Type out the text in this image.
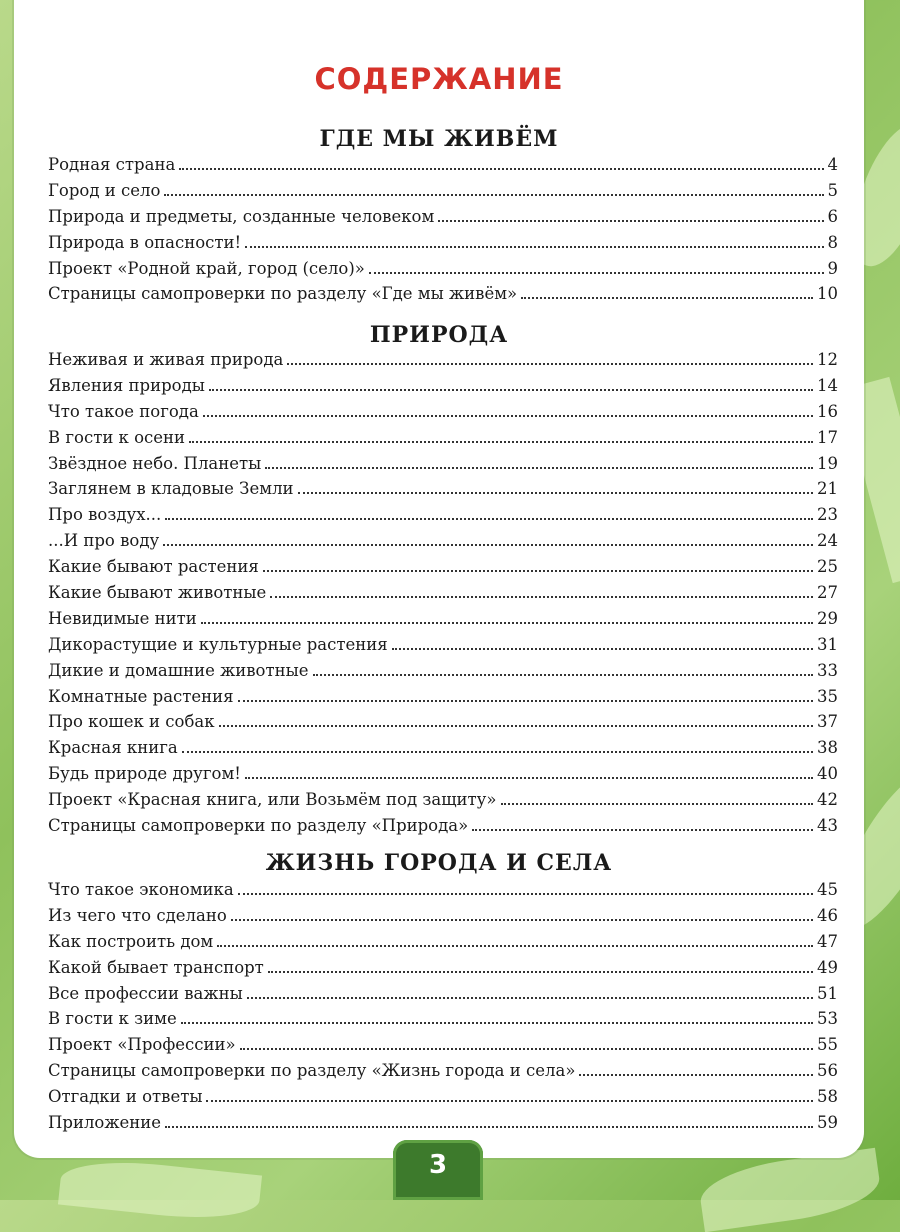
СОДЕРЖАНИЕ
ГДЕ МЫ ЖИВЁМ
Родная страна	4
Город и село	5
Природа и предметы, созданные человеком	6
Природа в опасности!	8
Проект «Родной край, город (село)»	9
Страницы самопроверки по разделу «Где мы живём»	10
ПРИРОДА
Неживая и живая природа	12
Явления природы	14
Что такое погода	16
В гости к осени	17
Звёздное небо. Планеты	19
Заглянем в кладовые Земли	21
Про воздух...	23
...И про воду	24
Какие бывают растения	25
Какие бывают животные	27
Невидимые нити	29
Дикорастущие и культурные растения	31
Дикие и домашние животные	33
Комнатные растения	35
Про кошек и собак	37
Красная книга	38
Будь природе другом!	40
Проект «Красная книга, или Возьмём под защиту»	42
Страницы самопроверки по разделу «Природа»	43
ЖИЗНЬ ГОРОДА И СЕЛА
Что такое экономика	45
Из чего что сделано	46
Как построить дом	47
Какой бывает транспорт	49
Все профессии важны	51
В гости к зиме	53
Проект «Профессии»	55
Страницы самопроверки по разделу «Жизнь города и села»	56
Отгадки и ответы	58
Приложение	59
3
